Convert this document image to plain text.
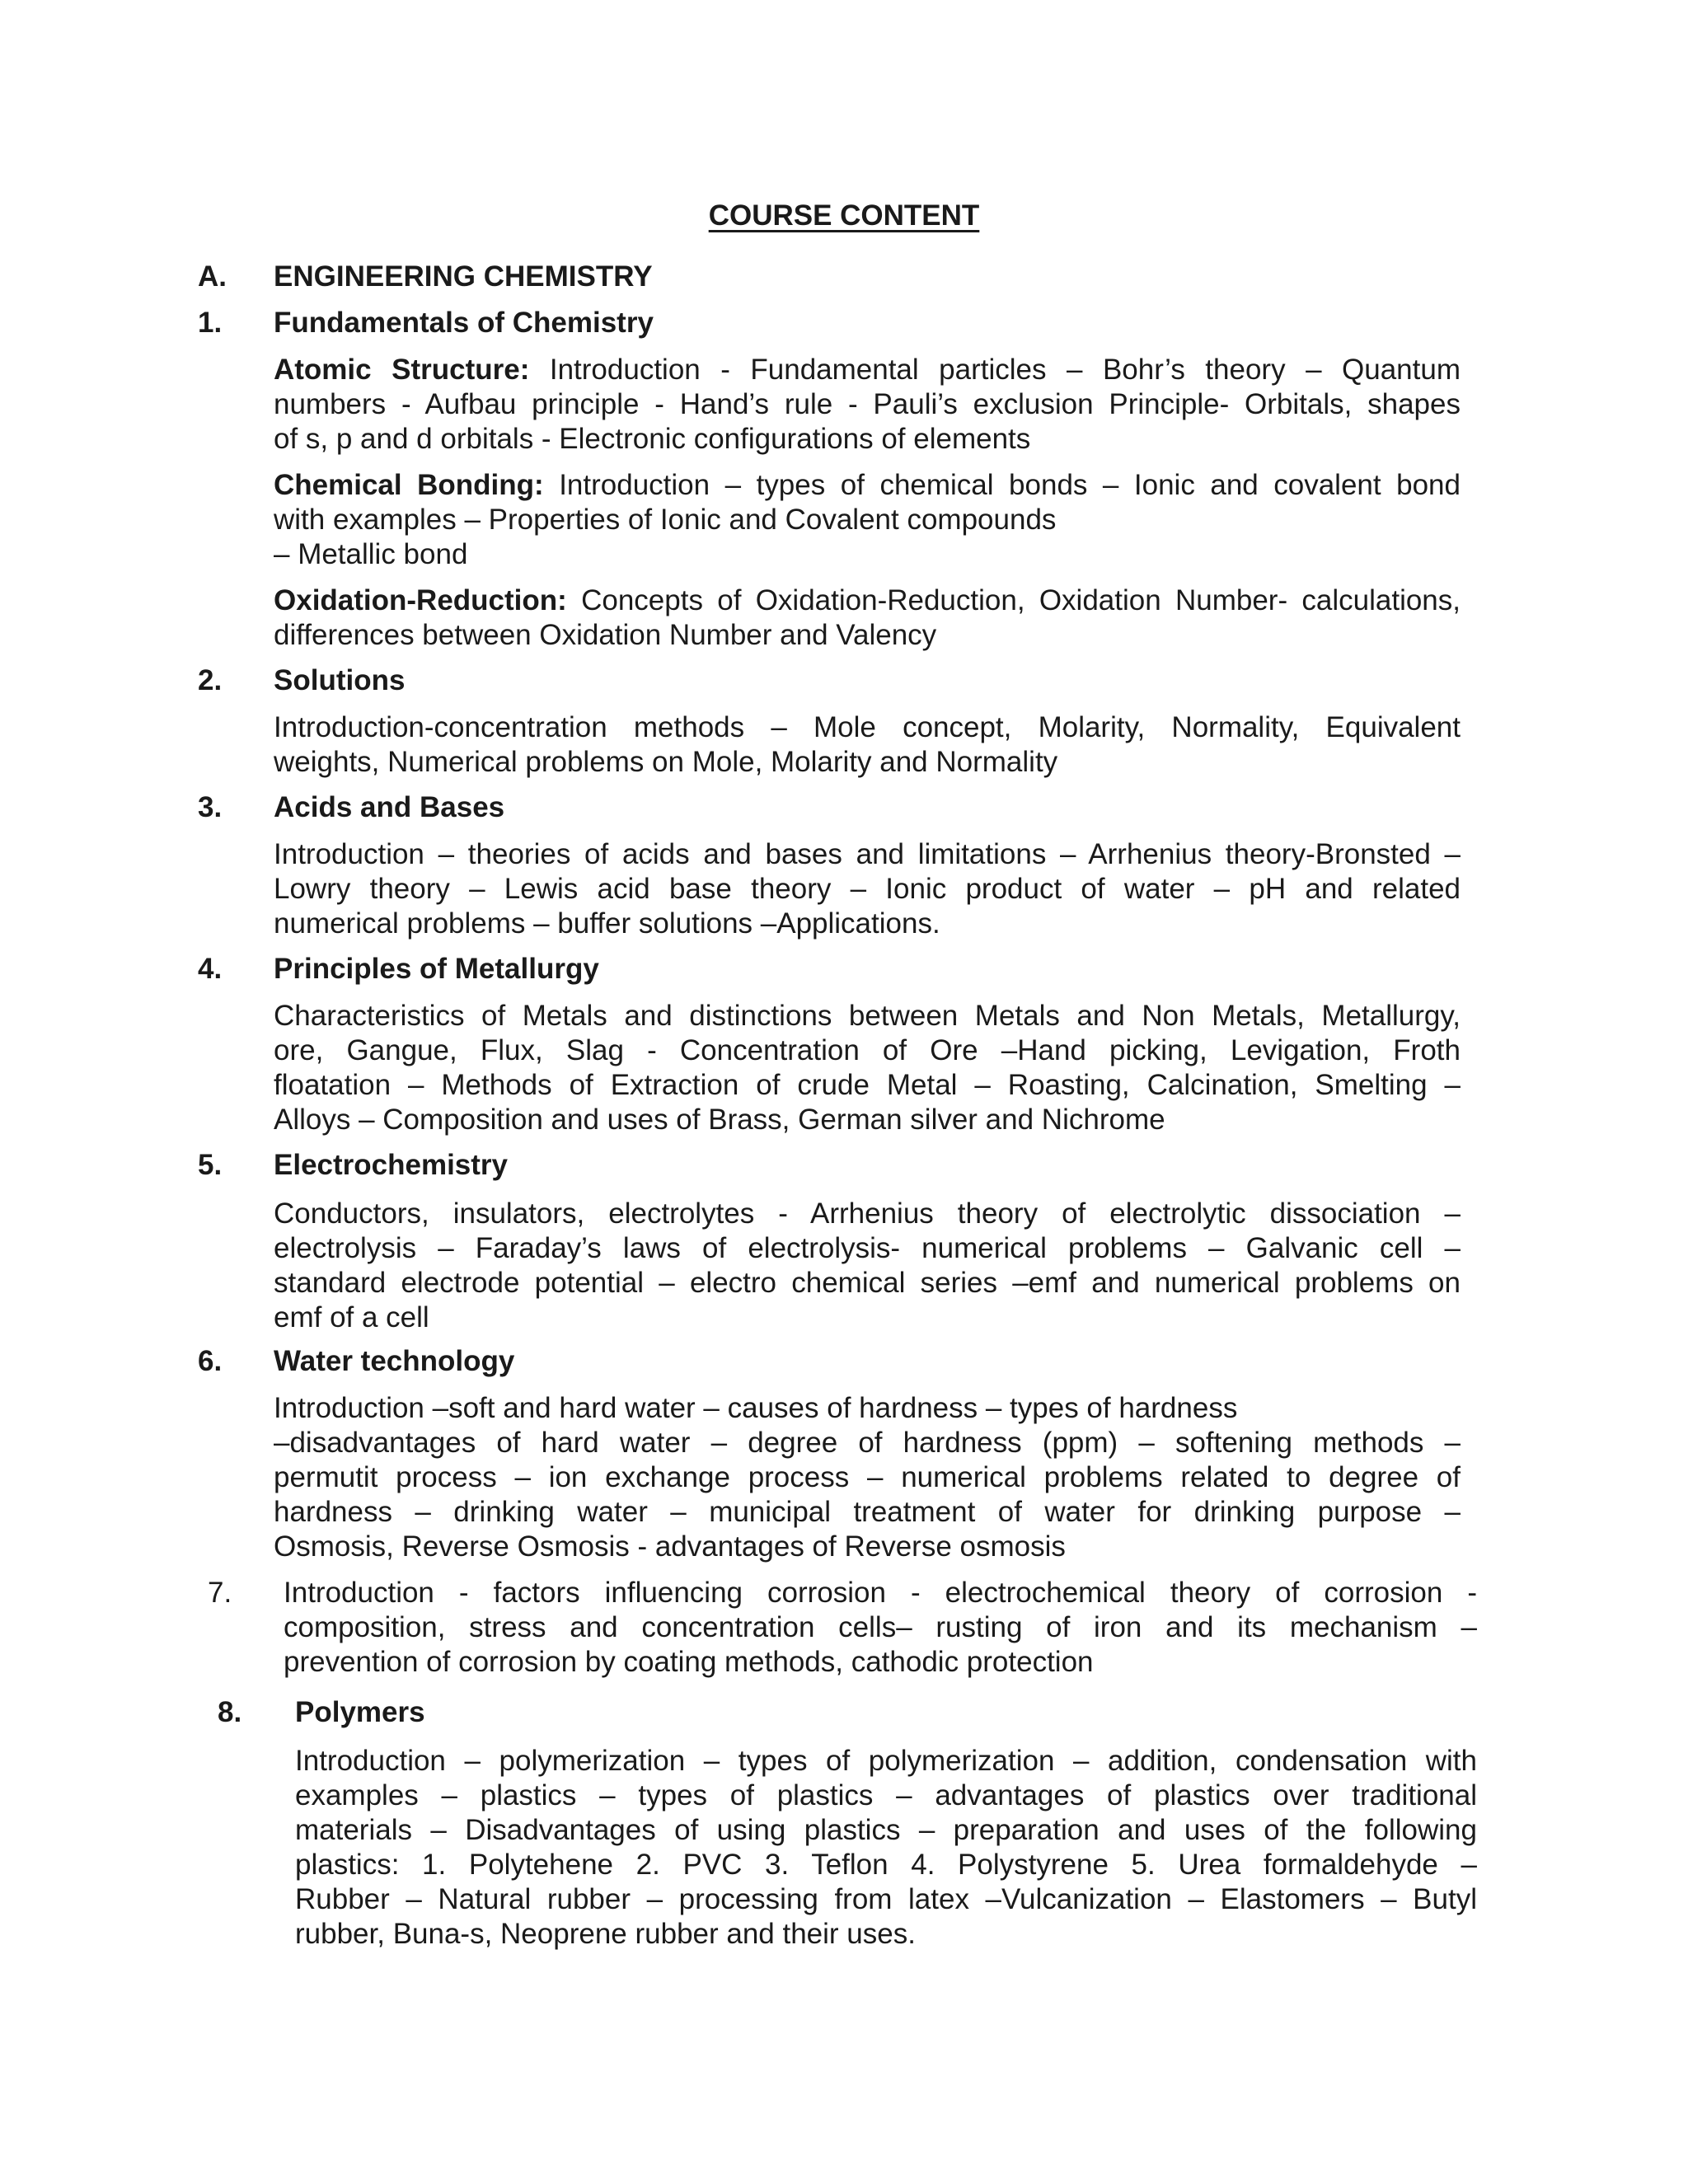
COURSE CONTENT
A. ENGINEERING CHEMISTRY
1. Fundamentals of Chemistry
Atomic Structure: Introduction - Fundamental particles – Bohr’s theory – Quantum
numbers - Aufbau principle - Hand’s rule - Pauli’s exclusion Principle- Orbitals, shapes
of s, p and d orbitals - Electronic configurations of elements
Chemical Bonding: Introduction – types of chemical bonds – Ionic and covalent bond
with examples – Properties of Ionic and Covalent compounds
– Metallic bond
Oxidation-Reduction: Concepts of Oxidation-Reduction, Oxidation Number- calculations,
differences between Oxidation Number and Valency
2. Solutions
Introduction-concentration methods – Mole concept, Molarity, Normality, Equivalent
weights, Numerical problems on Mole, Molarity and Normality
3. Acids and Bases
Introduction – theories of acids and bases and limitations – Arrhenius theory-Bronsted –
Lowry theory – Lewis acid base theory – Ionic product of water – pH and related
numerical problems – buffer solutions –Applications.
4. Principles of Metallurgy
Characteristics of Metals and distinctions between Metals and Non Metals, Metallurgy,
ore, Gangue, Flux, Slag - Concentration of Ore –Hand picking, Levigation, Froth
floatation – Methods of Extraction of crude Metal – Roasting, Calcination, Smelting –
Alloys – Composition and uses of Brass, German silver and Nichrome
5. Electrochemistry
Conductors, insulators, electrolytes - Arrhenius theory of electrolytic dissociation –
electrolysis – Faraday’s laws of electrolysis- numerical problems – Galvanic cell –
standard electrode potential – electro chemical series –emf and numerical problems on
emf of a cell
6. Water technology
Introduction –soft and hard water – causes of hardness – types of hardness
–disadvantages of hard water – degree of hardness (ppm) – softening methods –
permutit process – ion exchange process – numerical problems related to degree of
hardness – drinking water – municipal treatment of water for drinking purpose –
Osmosis, Reverse Osmosis - advantages of Reverse osmosis
7. Introduction - factors influencing corrosion - electrochemical theory of corrosion -
composition, stress and concentration cells– rusting of iron and its mechanism –
prevention of corrosion by coating methods, cathodic protection
8. Polymers
Introduction – polymerization – types of polymerization – addition, condensation with
examples – plastics – types of plastics – advantages of plastics over traditional
materials – Disadvantages of using plastics – preparation and uses of the following
plastics: 1. Polytehene 2. PVC 3. Teflon 4. Polystyrene 5. Urea formaldehyde –
Rubber – Natural rubber – processing from latex –Vulcanization – Elastomers – Butyl
rubber, Buna-s, Neoprene rubber and their uses.
